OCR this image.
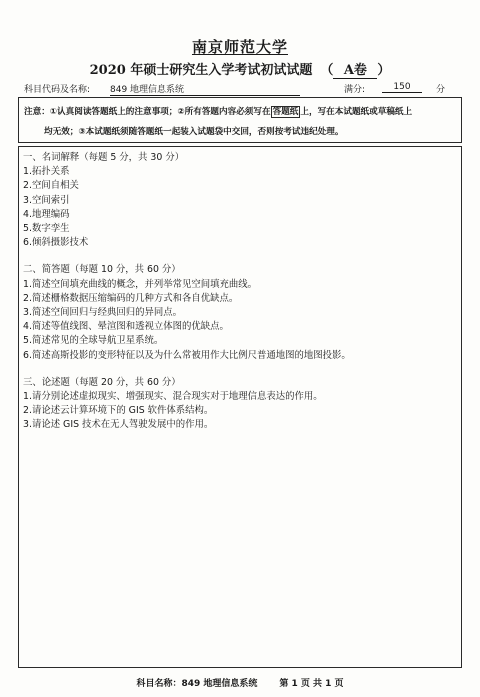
南京师范大学
2020 年硕士研究生入学考试初试试题 （ A卷 ）
科目代码及名称: 849 地理信息系统	满分:	150	分
注意：①认真阅读答题纸上的注意事项；②所有答题内容必须写在 答题纸 上，写在本试题纸或草稿纸上
均无效；③本试题纸须随答题纸一起装入试题袋中交回，否则按考试违纪处理。
一、名词解释（每题 5 分，共 30 分）
1.拓扑关系
2.空间自相关
3.空间索引
4.地理编码
5.数字孪生
6.倾斜摄影技术
二、简答题（每题 10 分，共 60 分）
1.简述空间填充曲线的概念，并列举常见空间填充曲线。
2.简述栅格数据压缩编码的几种方式和各自优缺点。
3.简述空间回归与经典回归的异同点。
4.简述等值线图、晕渲图和透视立体图的优缺点。
5.简述常见的全球导航卫星系统。
6.简述高斯投影的变形特征以及为什么常被用作大比例尺普通地图的地图投影。
三、论述题（每题 20 分，共 60 分）
1.请分别论述虚拟现实、增强现实、混合现实对于地理信息表达的作用。
2.请论述云计算环境下的 GIS 软件体系结构。
3.请论述 GIS 技术在无人驾驶发展中的作用。
科目名称：849 地理信息系统 第 1 页 共 1 页
